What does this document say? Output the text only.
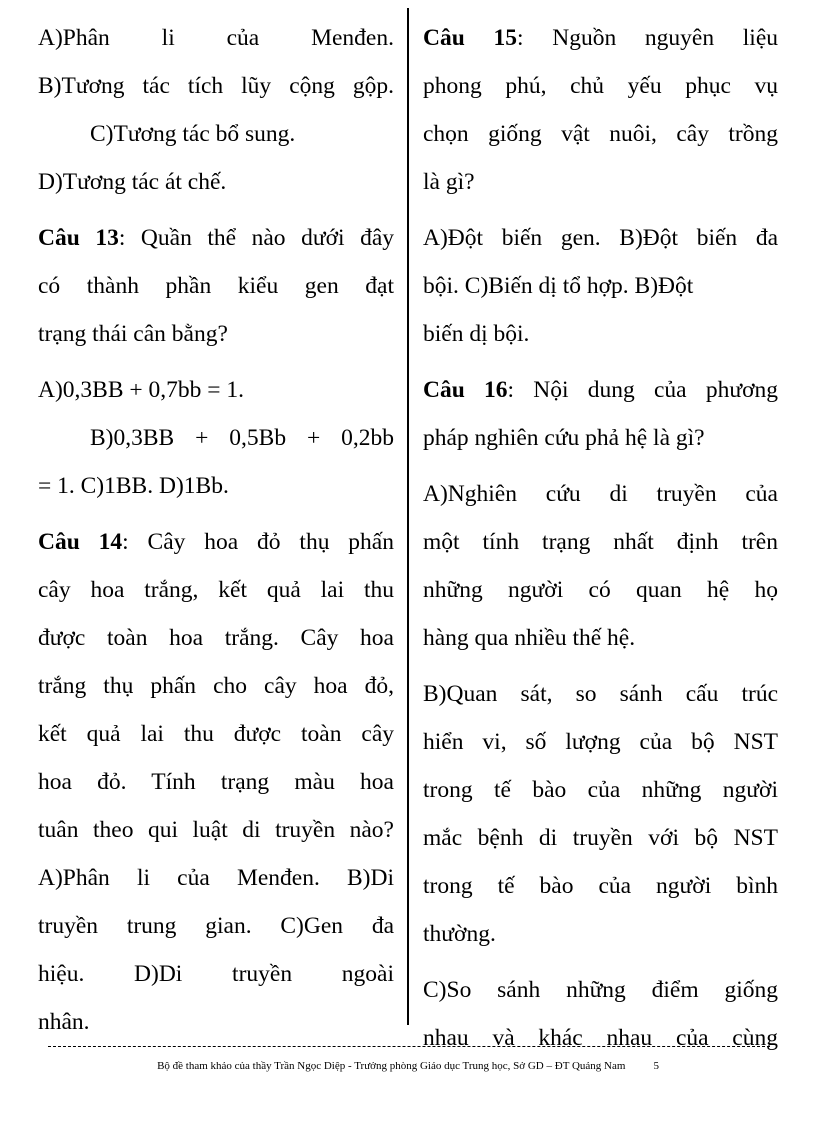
A)Phân li của Menđen.
B)Tương tác tích lũy cộng gộp.
C)Tương tác bổ sung.
D)Tương tác át chế.
Câu 13: Quần thể nào dưới đây
có thành phần kiểu gen đạt
trạng thái cân bằng?
A)0,3BB + 0,7bb = 1.
B)0,3BB + 0,5Bb + 0,2bb
= 1. C)1BB. D)1Bb.
Câu 14: Cây hoa đỏ thụ phấn
cây hoa trắng, kết quả lai thu
được toàn hoa trắng. Cây hoa
trắng thụ phấn cho cây hoa đỏ,
kết quả lai thu được toàn cây
hoa đỏ. Tính trạng màu hoa
tuân theo qui luật di truyền nào?
A)Phân li của Menđen. B)Di
truyền trung gian. C)Gen đa
hiệu. D)Di truyền ngoài
nhân.
Câu 15: Nguồn nguyên liệu
phong phú, chủ yếu phục vụ
chọn giống vật nuôi, cây trồng
là gì?
A)Đột biến gen. B)Đột biến đa
bội. C)Biến dị tổ hợp. B)Đột
biến dị bội.
Câu 16: Nội dung của phương
pháp nghiên cứu phả hệ là gì?
A)Nghiên cứu di truyền của
một tính trạng nhất định trên
những người có quan hệ họ
hàng qua nhiều thế hệ.
B)Quan sát, so sánh cấu trúc
hiển vi, số lượng của bộ NST
trong tế bào của những người
mắc bệnh di truyền với bộ NST
trong tế bào của người bình
thường.
C)So sánh những điểm giống
nhau và khác nhau của cùng
Bộ đề tham khảo của thầy Trần Ngọc Diệp - Trưởng phòng Giáo dục Trung học, Sở GD – ĐT Quảng Nam	5
